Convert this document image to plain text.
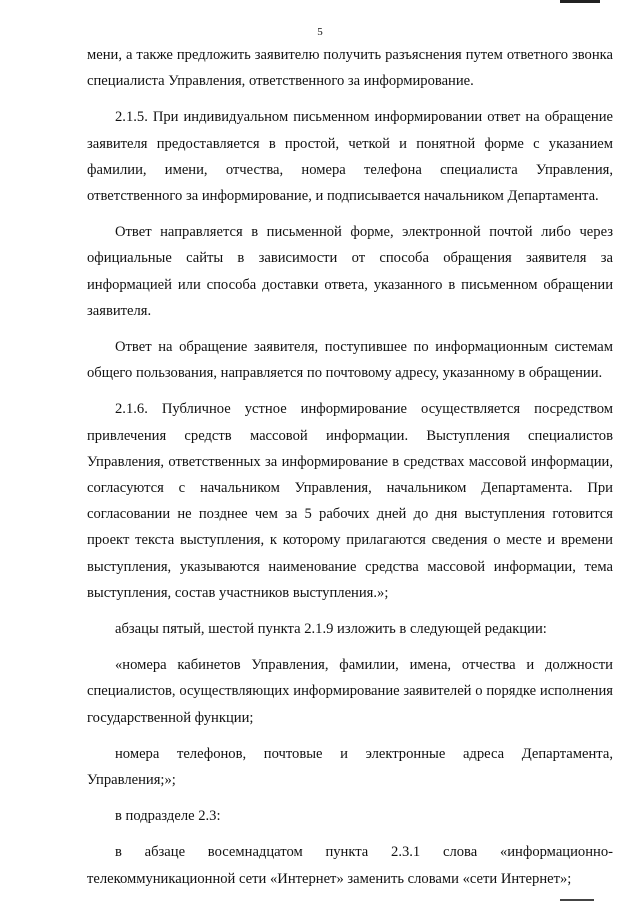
5

мени, а также предложить заявителю получить разъяснения путем ответного звонка специалиста Управления, ответственного за информирование.

2.1.5. При индивидуальном письменном информировании ответ на обращение заявителя предоставляется в простой, четкой и понятной форме с указанием фамилии, имени, отчества, номера телефона специалиста Управления, ответственного за информирование, и подписывается начальником Департамента.

Ответ направляется в письменной форме, электронной почтой либо через официальные сайты в зависимости от способа обращения заявителя за информацией или способа доставки ответа, указанного в письменном обращении заявителя.

Ответ на обращение заявителя, поступившее по информационным системам общего пользования, направляется по почтовому адресу, указанному в обращении.

2.1.6. Публичное устное информирование осуществляется посредством привлечения средств массовой информации. Выступления специалистов Управления, ответственных за информирование в средствах массовой информации, согласуются с начальником Управления, начальником Департамента. При согласовании не позднее чем за 5 рабочих дней до дня выступления готовится проект текста выступления, к которому прилагаются сведения о месте и времени выступления, указываются наименование средства массовой информации, тема выступления, состав участников выступления.»;

абзацы пятый, шестой пункта 2.1.9 изложить в следующей редакции:

«номера кабинетов Управления, фамилии, имена, отчества и должности специалистов, осуществляющих информирование заявителей о порядке исполнения государственной функции;

номера телефонов, почтовые и электронные адреса Департамента, Управления;»;

в подразделе 2.3:

в абзаце восемнадцатом пункта 2.3.1 слова «информационно-телекоммуникационной сети «Интернет» заменить словами «сети Интернет»;
